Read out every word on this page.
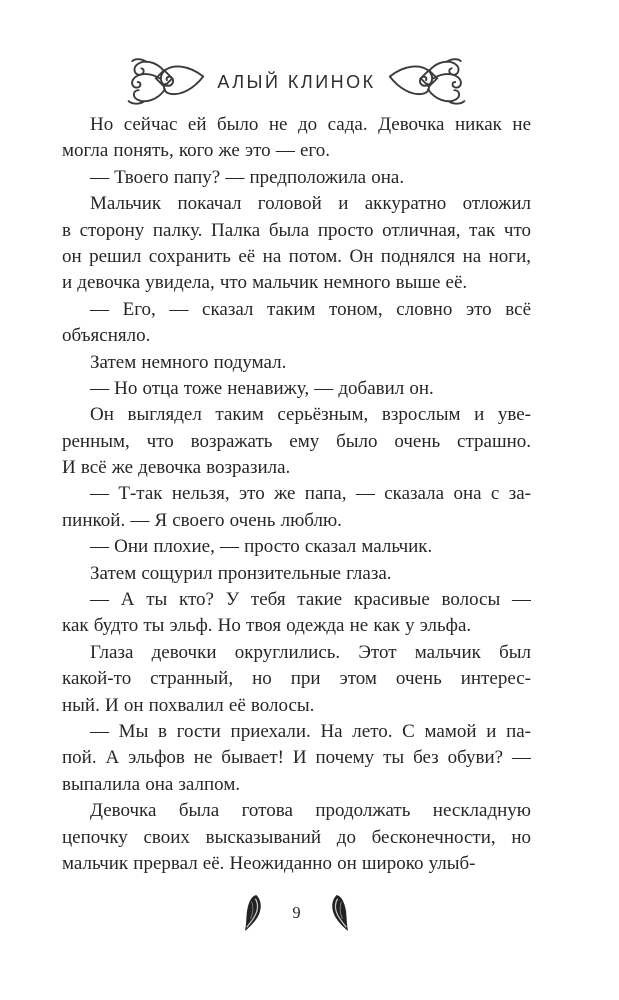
АЛЫЙ КЛИНОК
Но сейчас ей было не до сада. Девочка никак не
могла понять, кого же это — его.
— Твоего папу? — предположила она.
Мальчик покачал головой и аккуратно отложил
в сторону палку. Палка была просто отличная, так что
он решил сохранить её на потом. Он поднялся на ноги,
и девочка увидела, что мальчик немного выше её.
— Его, — сказал таким тоном, словно это всё
объясняло.
Затем немного подумал.
— Но отца тоже ненавижу, — добавил он.
Он выглядел таким серьёзным, взрослым и уве-
ренным, что возражать ему было очень страшно.
И всё же девочка возразила.
— Т-так нельзя, это же папа, — сказала она с за-
пинкой. — Я своего очень люблю.
— Они плохие, — просто сказал мальчик.
Затем сощурил пронзительные глаза.
— А ты кто? У тебя такие красивые волосы —
как будто ты эльф. Но твоя одежда не как у эльфа.
Глаза девочки округлились. Этот мальчик был
какой-то странный, но при этом очень интерес-
ный. И он похвалил её волосы.
— Мы в гости приехали. На лето. С мамой и па-
пой. А эльфов не бывает! И почему ты без обуви? —
выпалила она залпом.
Девочка была готова продолжать нескладную
цепочку своих высказываний до бесконечности, но
мальчик прервал её. Неожиданно он широко улыб-
9
